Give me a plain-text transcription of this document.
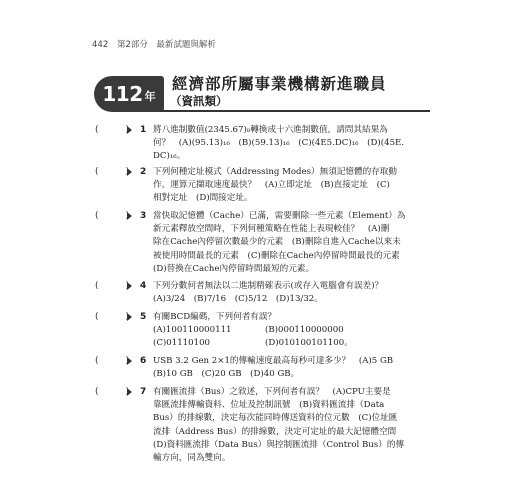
442 第2部分　最新試題與解析
112 年
經濟部所屬事業機構新進職員
（資訊類）
(	) 1 將八進制數值(2345.67)₈轉換成十六進制數值，請問其結果為
何？　(A)(95.13)₁₆　(B)(59.13)₁₆　(C)(4E5.DC)₁₆　(D)(45E.
DC)₁₆。
(	) 2 下列何種定址模式（Addressing Modes）無須記憶體的存取動
作，運算元擷取速度最快？　(A)立即定址　(B)直接定址　(C)
相對定址　(D)間接定址。
(	) 3 當快取記憶體（Cache）已滿，需要刪除一些元素（Element）為
新元素釋放空間時，下列何種策略在性能上表現較佳？　(A)刪
除在Cache內停留次數最少的元素　(B)刪除自進入Cache以來未
被使用時間最長的元素　(C)刪除在Cache內停留時間最長的元素
(D)替換在Cache內停留時間最短的元素。
(	) 4 下列分數何者無法以二進制精確表示(或存入電腦會有誤差)？
(A)3/24　(B)7/16　(C)5/12　(D)13/32。
(	) 5 有關BCD編碼，下列何者有誤？
(A)100110000111	(B)000110000000
(C)01110100	(D)010100101100。
(	) 6 USB 3.2 Gen 2×1的傳輸速度最高每秒可達多少？　(A)5 GB
(B)10 GB　(C)20 GB　(D)40 GB。
(	) 7 有關匯流排（Bus）之敘述，下列何者有誤？　(A)CPU主要是
靠匯流排傳輸資料、位址及控制訊號　(B)資料匯流排（Data
Bus）的排線數，決定每次能同時傳送資料的位元數　(C)位址匯
流排（Address Bus）的排線數，決定可定址的最大記憶體空間
(D)資料匯流排（Data Bus）與控制匯流排（Control Bus）的傳
輸方向，同為雙向。
